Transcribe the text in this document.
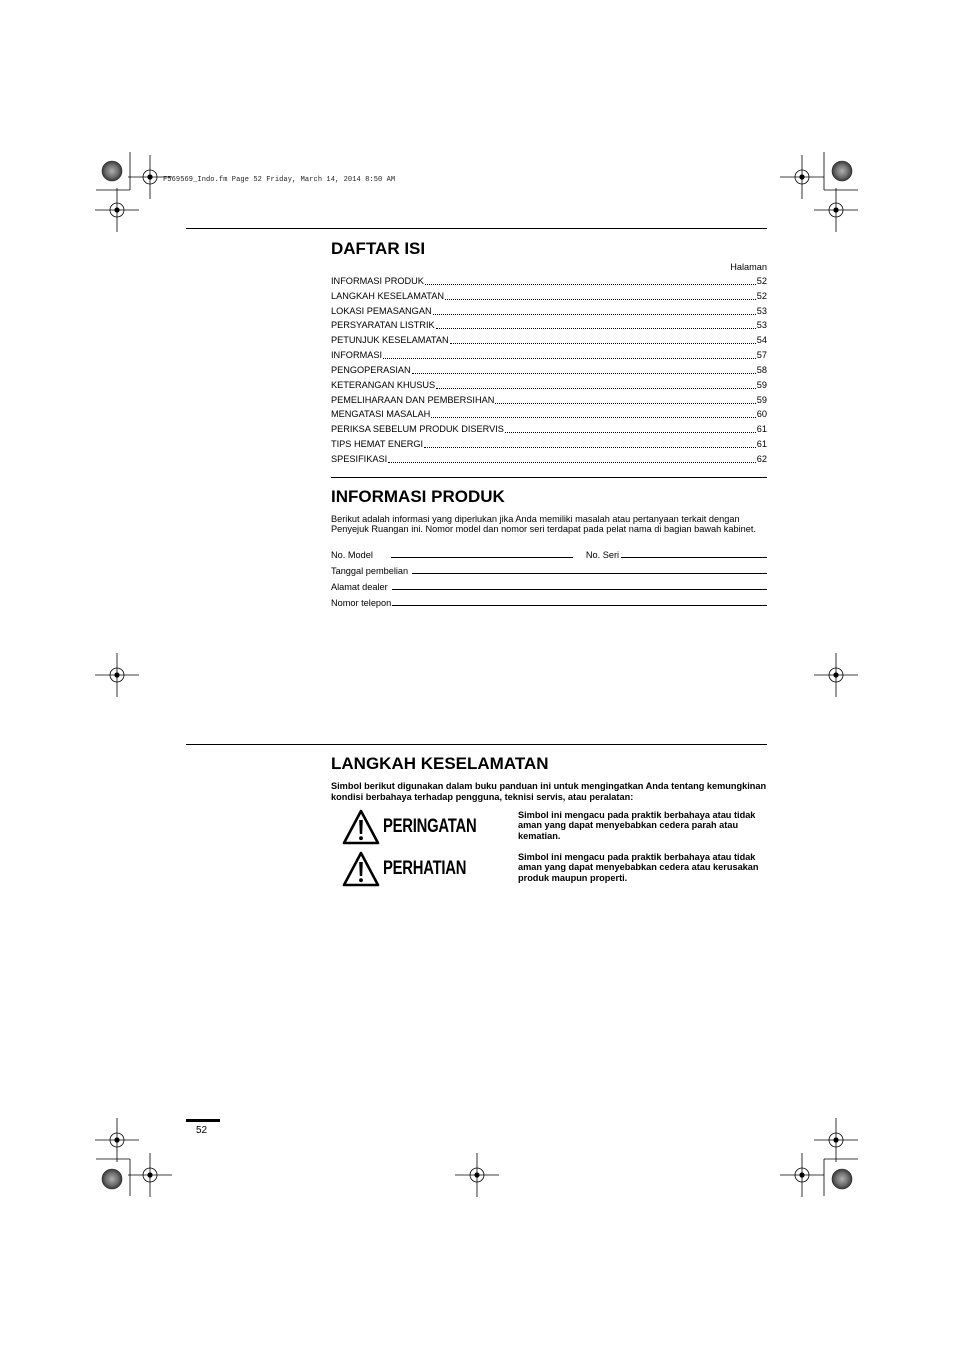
F569569_Indo.fm Page 52 Friday, March 14, 2014 8:50 AM
DAFTAR ISI
Halaman
INFORMASI PRODUK	52
LANGKAH KESELAMATAN	52
LOKASI PEMASANGAN	53
PERSYARATAN LISTRIK	53
PETUNJUK KESELAMATAN	54
INFORMASI	57
PENGOPERASIAN	58
KETERANGAN KHUSUS	59
PEMELIHARAAN DAN PEMBERSIHAN	59
MENGATASI MASALAH	60
PERIKSA SEBELUM PRODUK DISERVIS	61
TIPS HEMAT ENERGI	61
SPESIFIKASI	62
INFORMASI PRODUK
Berikut adalah informasi yang diperlukan jika Anda memiliki masalah atau pertanyaan terkait dengan Penyejuk Ruangan ini. Nomor model dan nomor seri terdapat pada pelat nama di bagian bawah kabinet.
No. Model	No. Seri
Tanggal pembelian
Alamat dealer
Nomor telepon
LANGKAH KESELAMATAN
Simbol berikut digunakan dalam buku panduan ini untuk mengingatkan Anda tentang kemungkinan kondisi berbahaya terhadap pengguna, teknisi servis, atau peralatan:
PERINGATAN
Simbol ini mengacu pada praktik berbahaya atau tidak aman yang dapat menyebabkan cedera parah atau kematian.
PERHATIAN
Simbol ini mengacu pada praktik berbahaya atau tidak aman yang dapat menyebabkan cedera atau kerusakan produk maupun properti.
52
